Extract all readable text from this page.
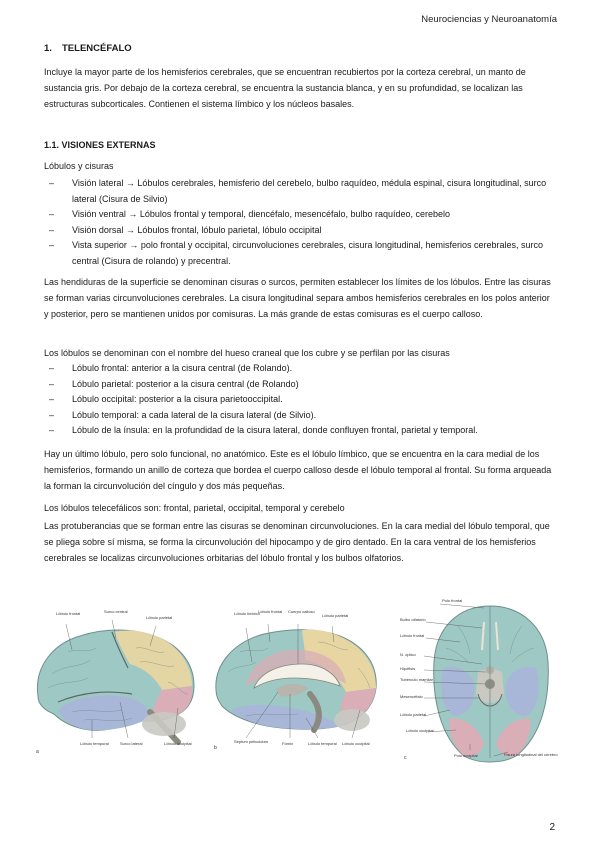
Neurociencias y Neuroanatomía
1. TELENCÉFALO

Incluye la mayor parte de los hemisferios cerebrales, que se encuentran recubiertos por la corteza cerebral, un manto de sustancia gris. Por debajo de la corteza cerebral, se encuentra la sustancia blanca, y en su profundidad, se localizan las estructuras subcorticales. Contienen el sistema límbico y los núcleos basales.

1.1. VISIONES EXTERNAS
Lóbulos y cisuras
– Visión lateral → Lóbulos cerebrales, hemisferio del cerebelo, bulbo raquídeo, médula espinal, cisura longitudinal, surco lateral (Cisura de Silvio)
– Visión ventral → Lóbulos frontal y temporal, diencéfalo, mesencéfalo, bulbo raquídeo, cerebelo
– Visión dorsal → Lóbulos frontal, lóbulo parietal, lóbulo occipital
– Vista superior → polo frontal y occipital, circunvoluciones cerebrales, cisura longitudinal, hemisferios cerebrales, surco central (Cisura de rolando) y precentral.

Las hendiduras de la superficie se denominan cisuras o surcos, permiten establecer los límites de los lóbulos. Entre las cisuras se forman varias circunvoluciones cerebrales. La cisura longitudinal separa ambos hemisferios cerebrales en los polos anterior y posterior, pero se mantienen unidos por comisuras. La más grande de estas comisuras es el cuerpo calloso.

Los lóbulos se denominan con el nombre del hueso craneal que los cubre y se perfilan por las cisuras
– Lóbulo frontal: anterior a la cisura central (de Rolando).
– Lóbulo parietal: posterior a la cisura central (de Rolando)
– Lóbulo occipital: posterior a la cisura parietooccipital.
– Lóbulo temporal: a cada lateral de la cisura lateral (de Silvio).
– Lóbulo de la ínsula: en la profundidad de la cisura lateral, donde confluyen frontal, parietal y temporal.

Hay un último lóbulo, pero solo funcional, no anatómico. Este es el lóbulo límbico, que se encuentra en la cara medial de los hemisferios, formando un anillo de corteza que bordea el cuerpo calloso desde el lóbulo temporal al frontal. Su forma arqueada la forman la circunvolución del cíngulo y dos más pequeñas.

Los lóbulos telecefálicos son: frontal, parietal, occipital, temporal y cerebelo

Las protuberancias que se forman entre las cisuras se denominan circunvoluciones. En la cara medial del lóbulo temporal, que se pliega sobre sí misma, se forma la circunvolución del hipocampo y de giro dentado. En la cara ventral de los hemisferios cerebrales se localizas circunvoluciones orbitarias del lóbulo frontal y los bulbos olfatorios.

Lóbulo frontal	Surco central
Lóbulo parietal
Lóbulo temporal	Surco lateral	Lóbulo occipital
a
Lóbulo límbico
Lóbulo frontal Cuerpo calloso
Lóbulo parietal
Septum pellucidum	Fórnix	Lóbulo temporal Lóbulo occipital
b
Polo frontal
Bulbo olfatorio
Lóbulo frontal
N. óptico
Hipófisis
Tubérculo mamilar
Mesencéfalo
Lóbulo parietal
Lóbulo occipital
Polo occipital	Fisura longitudinal del cerebro
c
2
